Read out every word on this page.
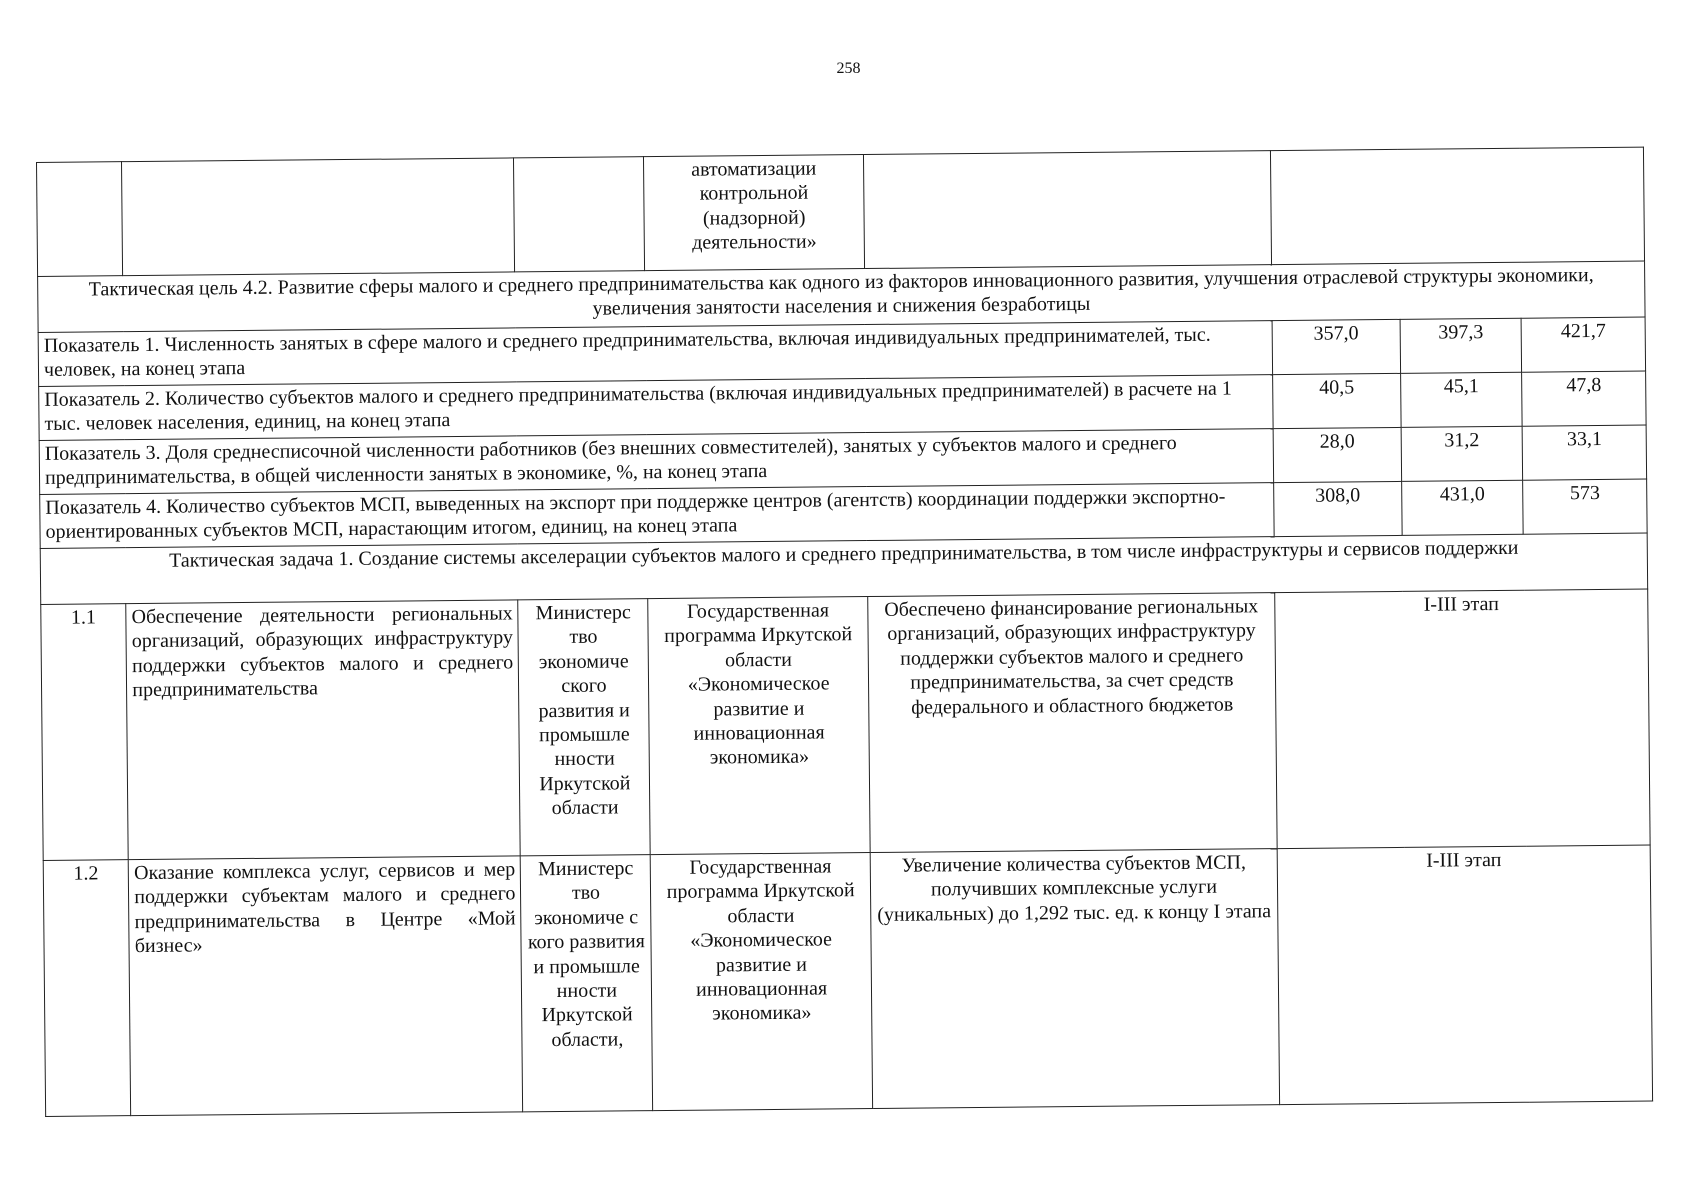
258
			автоматизации контрольной (надзорной) деятельности»				
Тактическая цель 4.2. Развитие сферы малого и среднего предпринимательства как одного из факторов инновационного развития, улучшения отраслевой структуры экономики, увеличения занятости населения и снижения безработицы							
Показатель 1. Численность занятых в сфере малого и среднего предпринимательства, включая индивидуальных предпринимателей, тыс. человек, на конец этапа					357,0	397,3	421,7
Показатель 2. Количество субъектов малого и среднего предпринимательства (включая индивидуальных предпринимателей) в расчете на 1 тыс. человек населения, единиц, на конец этапа					40,5	45,1	47,8
Показатель 3. Доля среднесписочной численности работников (без внешних совместителей), занятых у субъектов малого и среднего предпринимательства, в общей численности занятых в экономике, %, на конец этапа					28,0	31,2	33,1
Показатель 4. Количество субъектов МСП, выведенных на экспорт при поддержке центров (агентств) координации поддержки экспортно-ориентированных субъектов МСП, нарастающим итогом, единиц, на конец этапа					308,0	431,0	573
Тактическая задача 1. Создание системы акселерации субъектов малого и среднего предпринимательства, в том числе инфраструктуры и сервисов поддержки							
1.1	Обеспечение деятельности региональных организаций, образующих инфраструктуру поддержки субъектов малого и среднего предпринимательства	Министерс тво экономиче ского развития и промышле нности Иркутской области	Государственная программа Иркутской области «Экономическое развитие и инновационная экономика»	Обеспечено финансирование региональных организаций, образующих инфраструктуру поддержки субъектов малого и среднего предпринимательства, за счет средств федерального и областного бюджетов	I-III этап		
1.2	Оказание комплекса услуг, сервисов и мер поддержки субъектам малого и среднего предпринимательства в Центре «Мой бизнес»	Министерс тво экономиче с кого развития и промышле нности Иркутской области,	Государственная программа Иркутской области «Экономическое развитие и инновационная экономика»	Увеличение количества субъектов МСП, получивших комплексные услуги (уникальных) до 1,292 тыс. ед. к концу I этапа	I-III этап		
